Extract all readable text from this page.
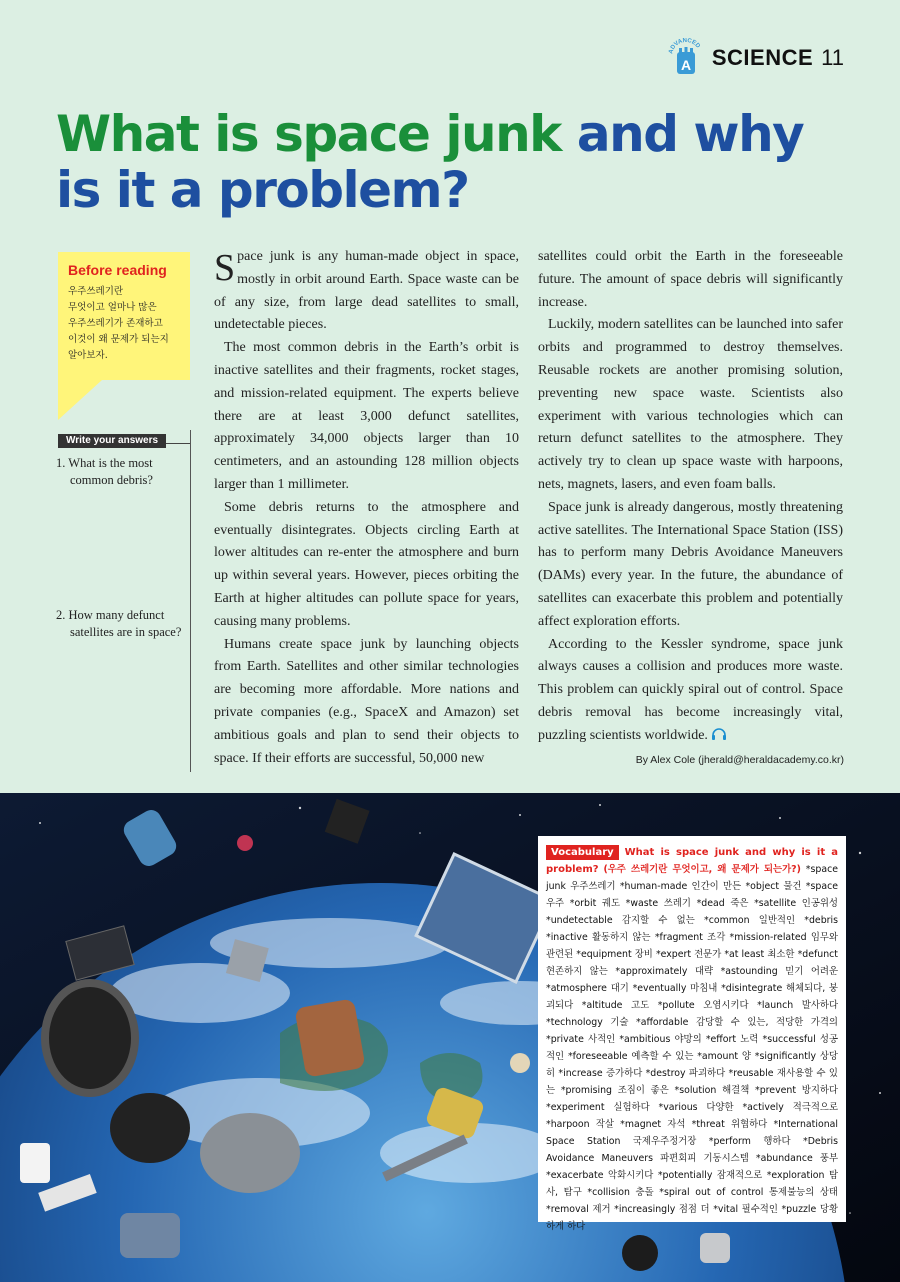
ADVANCED
A SCIENCE 11
What is space junk and why is it a problem?
Before reading
우주쓰레기란
무엇이고 얼마나 많은
우주쓰레기가 존재하고
이것이 왜 문제가 되는지
알아보자.
Write your answers
1. What is the most common debris?
2. How many defunct satellites are in space?

Space junk is any human-made object in space, mostly in orbit around Earth. Space waste can be of any size, from large dead satellites to small, undetectable pieces.

The most common debris in the Earth’s orbit is inactive satellites and their fragments, rocket stages, and mission-related equipment. The experts believe there are at least 3,000 defunct satellites, approximately 34,000 objects larger than 10 centimeters, and an astounding 128 million objects larger than 1 millimeter.

Some debris returns to the atmosphere and eventually disintegrates. Objects circling Earth at lower altitudes can re-enter the atmosphere and burn up within several years. However, pieces orbiting the Earth at higher altitudes can pollute space for years, causing many problems.

Humans create space junk by launching objects from Earth. Satellites and other similar technologies are becoming more affordable. More nations and private companies (e.g., SpaceX and Amazon) set ambitious goals and plan to send their objects to space. If their efforts are successful, 50,000 new

satellites could orbit the Earth in the foreseeable future. The amount of space debris will significantly increase.

Luckily, modern satellites can be launched into safer orbits and programmed to destroy themselves. Reusable rockets are another promising solution, preventing new space waste. Scientists also experiment with various technologies which can return defunct satellites to the atmosphere. They actively try to clean up space waste with harpoons, nets, magnets, lasers, and even foam balls.

Space junk is already dangerous, mostly threatening active satellites. The International Space Station (ISS) has to perform many Debris Avoidance Maneuvers (DAMs) every year. In the future, the abundance of satellites can exacerbate this problem and potentially affect exploration efforts.

According to the Kessler syndrome, space junk always causes a collision and produces more waste. This problem can quickly spiral out of control. Space debris removal has become increasingly vital, puzzling scientists worldwide.

By Alex Cole (jherald@heraldacademy.co.kr)
Vocabulary What is space junk and why is it a problem? (우주 쓰레기란 무엇이고, 왜 문제가 되는가?) *space junk 우주쓰레기 *human-made 인간이 만든 *object 물건 *space 우주 *orbit 궤도 *waste 쓰레기 *dead 죽은 *satellite 인공위성 *undetectable 감지할 수 없는 *common 일반적인 *debris *inactive 활동하지 않는 *fragment 조각 *mission-related 임무와 관련된 *equipment 장비 *expert 전문가 *at least 최소한 *defunct 현존하지 않는 *approximately 대략 *astounding 믿기 어려운 *atmosphere 대기 *eventually 마침내 *disintegrate 해체되다, 붕괴되다 *altitude 고도 *pollute 오염시키다 *launch 발사하다 *technology 기술 *affordable 감당할 수 있는, 적당한 가격의 *private 사적인 *ambitious 야망의 *effort 노력 *successful 성공적인 *foreseeable 예측할 수 있는 *amount 양 *significantly 상당히 *increase 증가하다 *destroy 파괴하다 *reusable 재사용할 수 있는 *promising 조짐이 좋은 *solution 해결책 *prevent 방지하다 *experiment 실험하다 *various 다양한 *actively 적극적으로 *harpoon 작살 *magnet 자석 *threat 위협하다 *International Space Station 국제우주정거장 *perform 행하다 *Debris Avoidance Maneuvers 파편회피 기동시스템 *abundance 풍부 *exacerbate 악화시키다 *potentially 잠재적으로 *exploration 탐사, 탐구 *collision 충돌 *spiral out of control 통제불능의 상태 *removal 제거 *increasingly 점점 더 *vital 필수적인 *puzzle 당황하게 하다
